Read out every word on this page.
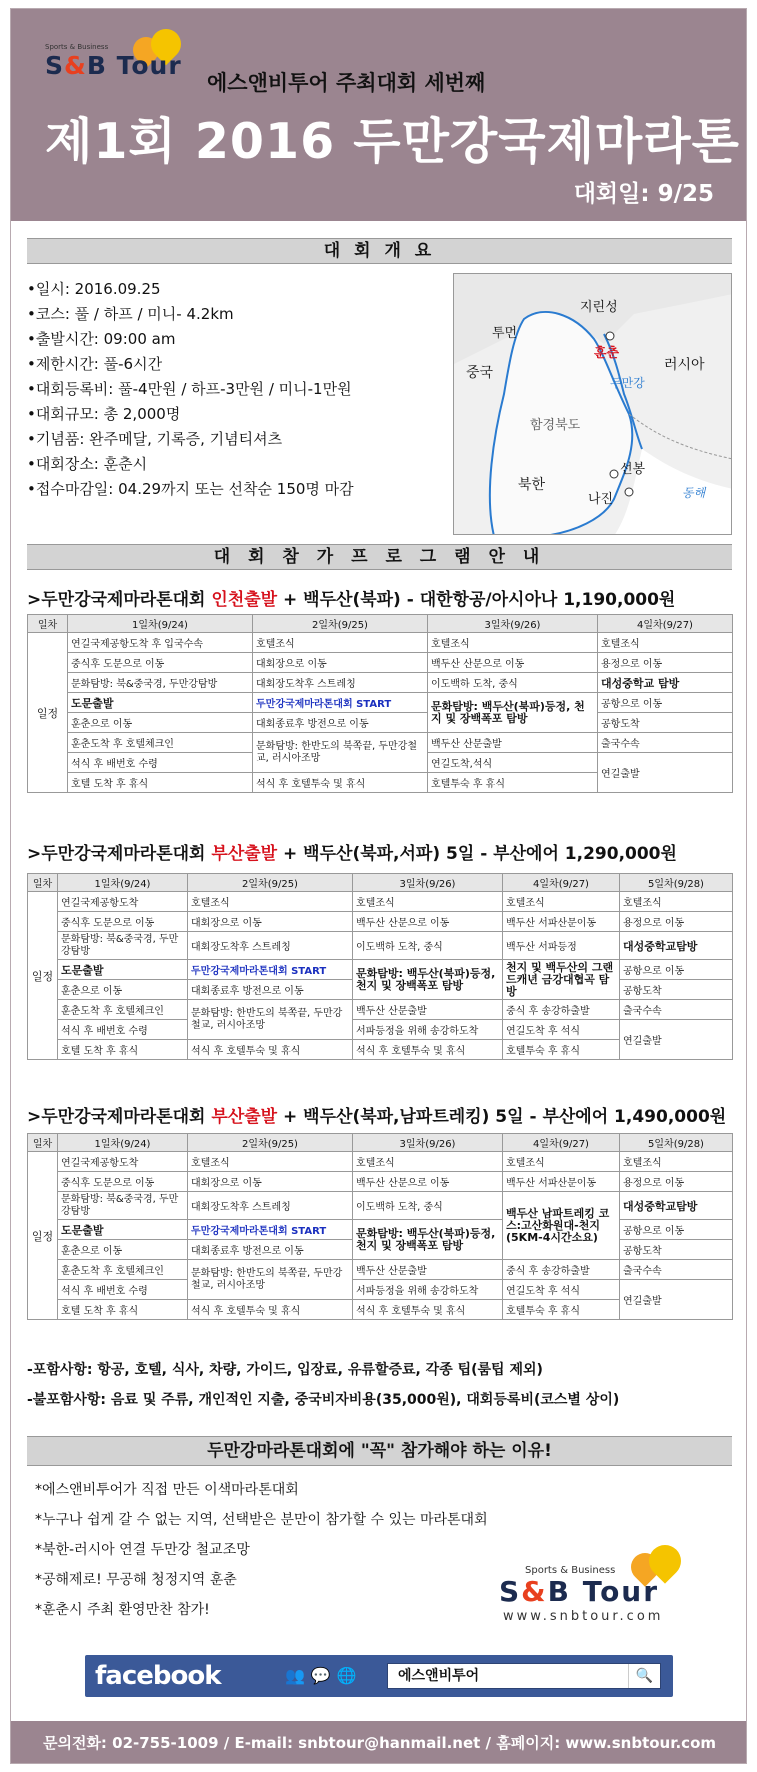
Sports & Business
S&B Tour
에스앤비투어 주최대회 세번째
제1회 2016 두만강국제마라톤
대회일: 9/25
대 회 개 요
•일시: 2016.09.25
•코스: 풀 / 하프 / 미니- 4.2km
•출발시간: 09:00 am
•제한시간: 풀-6시간
•대회등록비: 풀-4만원 / 하프-3만원 / 미니-1만원
•대회규모: 총 2,000명
•기념품: 완주메달, 기록증, 기념티셔츠
•대회장소: 훈춘시
•접수마감일: 04.29까지 또는 선착순 150명 마감
지린성
투먼
훈춘
러시아
중국
두만강
함경북도
북한
선봉
나진	동해
대 회 참 가 프 로 그 램 안 내
>두만강국제마라톤대회 인천출발 + 백두산(북파) - 대한항공/아시아나 1,190,000원
일차	1일차(9/24)	2일차(9/25)	3일차(9/26)	4일차(9/27)
일정	연길국제공항도착 후 입국수속	호텔조식	호텔조식	호텔조식
	중식후 도문으로 이동	대회장으로 이동	백두산 산문으로 이동	용정으로 이동
	문화탐방: 북&중국경, 두만강탐방	대회장도착후 스트레칭	이도백하 도착, 중식	대성중학교 탐방
	도문출발	두만강국제마라톤대회 START	문화탐방: 백두산(북파)등정, 천지 및 장백폭포 탐방	공항으로 이동
	훈춘으로 이동	대회종료후 방전으로 이동		공항도착
	훈춘도착 후 호텔체크인	문화탐방: 한반도의 북쪽끝, 두만강철교, 러시아조망	백두산 산문출발	출국수속
	석식 후 배번호 수령		연길도착,석식	연길출발
	호텔 도착 후 휴식	석식 후 호텔투숙 및 휴식	호텔투숙 후 휴식	
>두만강국제마라톤대회 부산출발 + 백두산(북파,서파) 5일 - 부산에어 1,290,000원
일차	1일차(9/24)	2일차(9/25)	3일차(9/26)	4일차(9/27)	5일차(9/28)
일정	연길국제공항도착	호텔조식	호텔조식	호텔조식	호텔조식
	중식후 도문으로 이동	대회장으로 이동	백두산 산문으로 이동	백두산 서파산문이동	용정으로 이동
	문화탐방: 북&중국경, 두만강탐방	대회장도착후 스트레칭	이도백하 도착, 중식	백두산 서파등정	대성중학교탐방
	도문출발	두만강국제마라톤대회 START	문화탐방: 백두산(북파)등정, 천지 및 장백폭포 탐방	천지 및 백두산의 그랜드캐년 금강대협곡 탐방	공항으로 이동
	훈춘으로 이동	대회종료후 방전으로 이동			공항도착
	훈춘도착 후 호텔체크인	문화탐방: 한반도의 북쪽끝, 두만강철교, 러시아조망	백두산 산문출발	중식 후 송강하출발	출국수속
	석식 후 배번호 수령		서파등정을 위해 송강하도착	연길도착 후 석식	연길출발
	호텔 도착 후 휴식	석식 후 호텔투숙 및 휴식	석식 후 호텔투숙 및 휴식	호텔투숙 후 휴식	
>두만강국제마라톤대회 부산출발 + 백두산(북파,남파트레킹) 5일 - 부산에어 1,490,000원
일차	1일차(9/24)	2일차(9/25)	3일차(9/26)	4일차(9/27)	5일차(9/28)
일정	연길국제공항도착	호텔조식	호텔조식	호텔조식	호텔조식
	중식후 도문으로 이동	대회장으로 이동	백두산 산문으로 이동	백두산 서파산문이동	용정으로 이동
	문화탐방: 북&중국경, 두만강탐방	대회장도착후 스트레칭	이도백하 도착, 중식	백두산 남파트레킹 코스:고산화원대-천지 (5KM-4시간소요)	대성중학교탐방
	도문출발	두만강국제마라톤대회 START	문화탐방: 백두산(북파)등정, 천지 및 장백폭포 탐방		공항으로 이동
	훈춘으로 이동	대회종료후 방전으로 이동			공항도착
	훈춘도착 후 호텔체크인	문화탐방: 한반도의 북쪽끝, 두만강철교, 러시아조망	백두산 산문출발	중식 후 송강하출발	출국수속
	석식 후 배번호 수령		서파등정을 위해 송강하도착	연길도착 후 석식	연길출발
	호텔 도착 후 휴식	석식 후 호텔투숙 및 휴식	석식 후 호텔투숙 및 휴식	호텔투숙 후 휴식	
-포함사항: 항공, 호텔, 식사, 차량, 가이드, 입장료, 유류할증료, 각종 팁(룸팁 제외)
-불포함사항: 음료 및 주류, 개인적인 지출, 중국비자비용(35,000원), 대회등록비(코스별 상이)
두만강마라톤대회에 "꼭" 참가해야 하는 이유!
*에스앤비투어가 직접 만든 이색마라톤대회
*누구나 쉽게 갈 수 없는 지역, 선택받은 분만이 참가할 수 있는 마라톤대회
*북한-러시아 연결 두만강 철교조망
*공해제로! 무공해 청정지역 훈춘
*훈춘시 주최 환영만찬 참가!
Sports & Business
S&B Tour
www.snbtour.com
facebook	👥💬🌐	에스앤비투어	🔍
문의전화: 02-755-1009 / E-mail: snbtour@hanmail.net / 홈페이지: www.snbtour.com
